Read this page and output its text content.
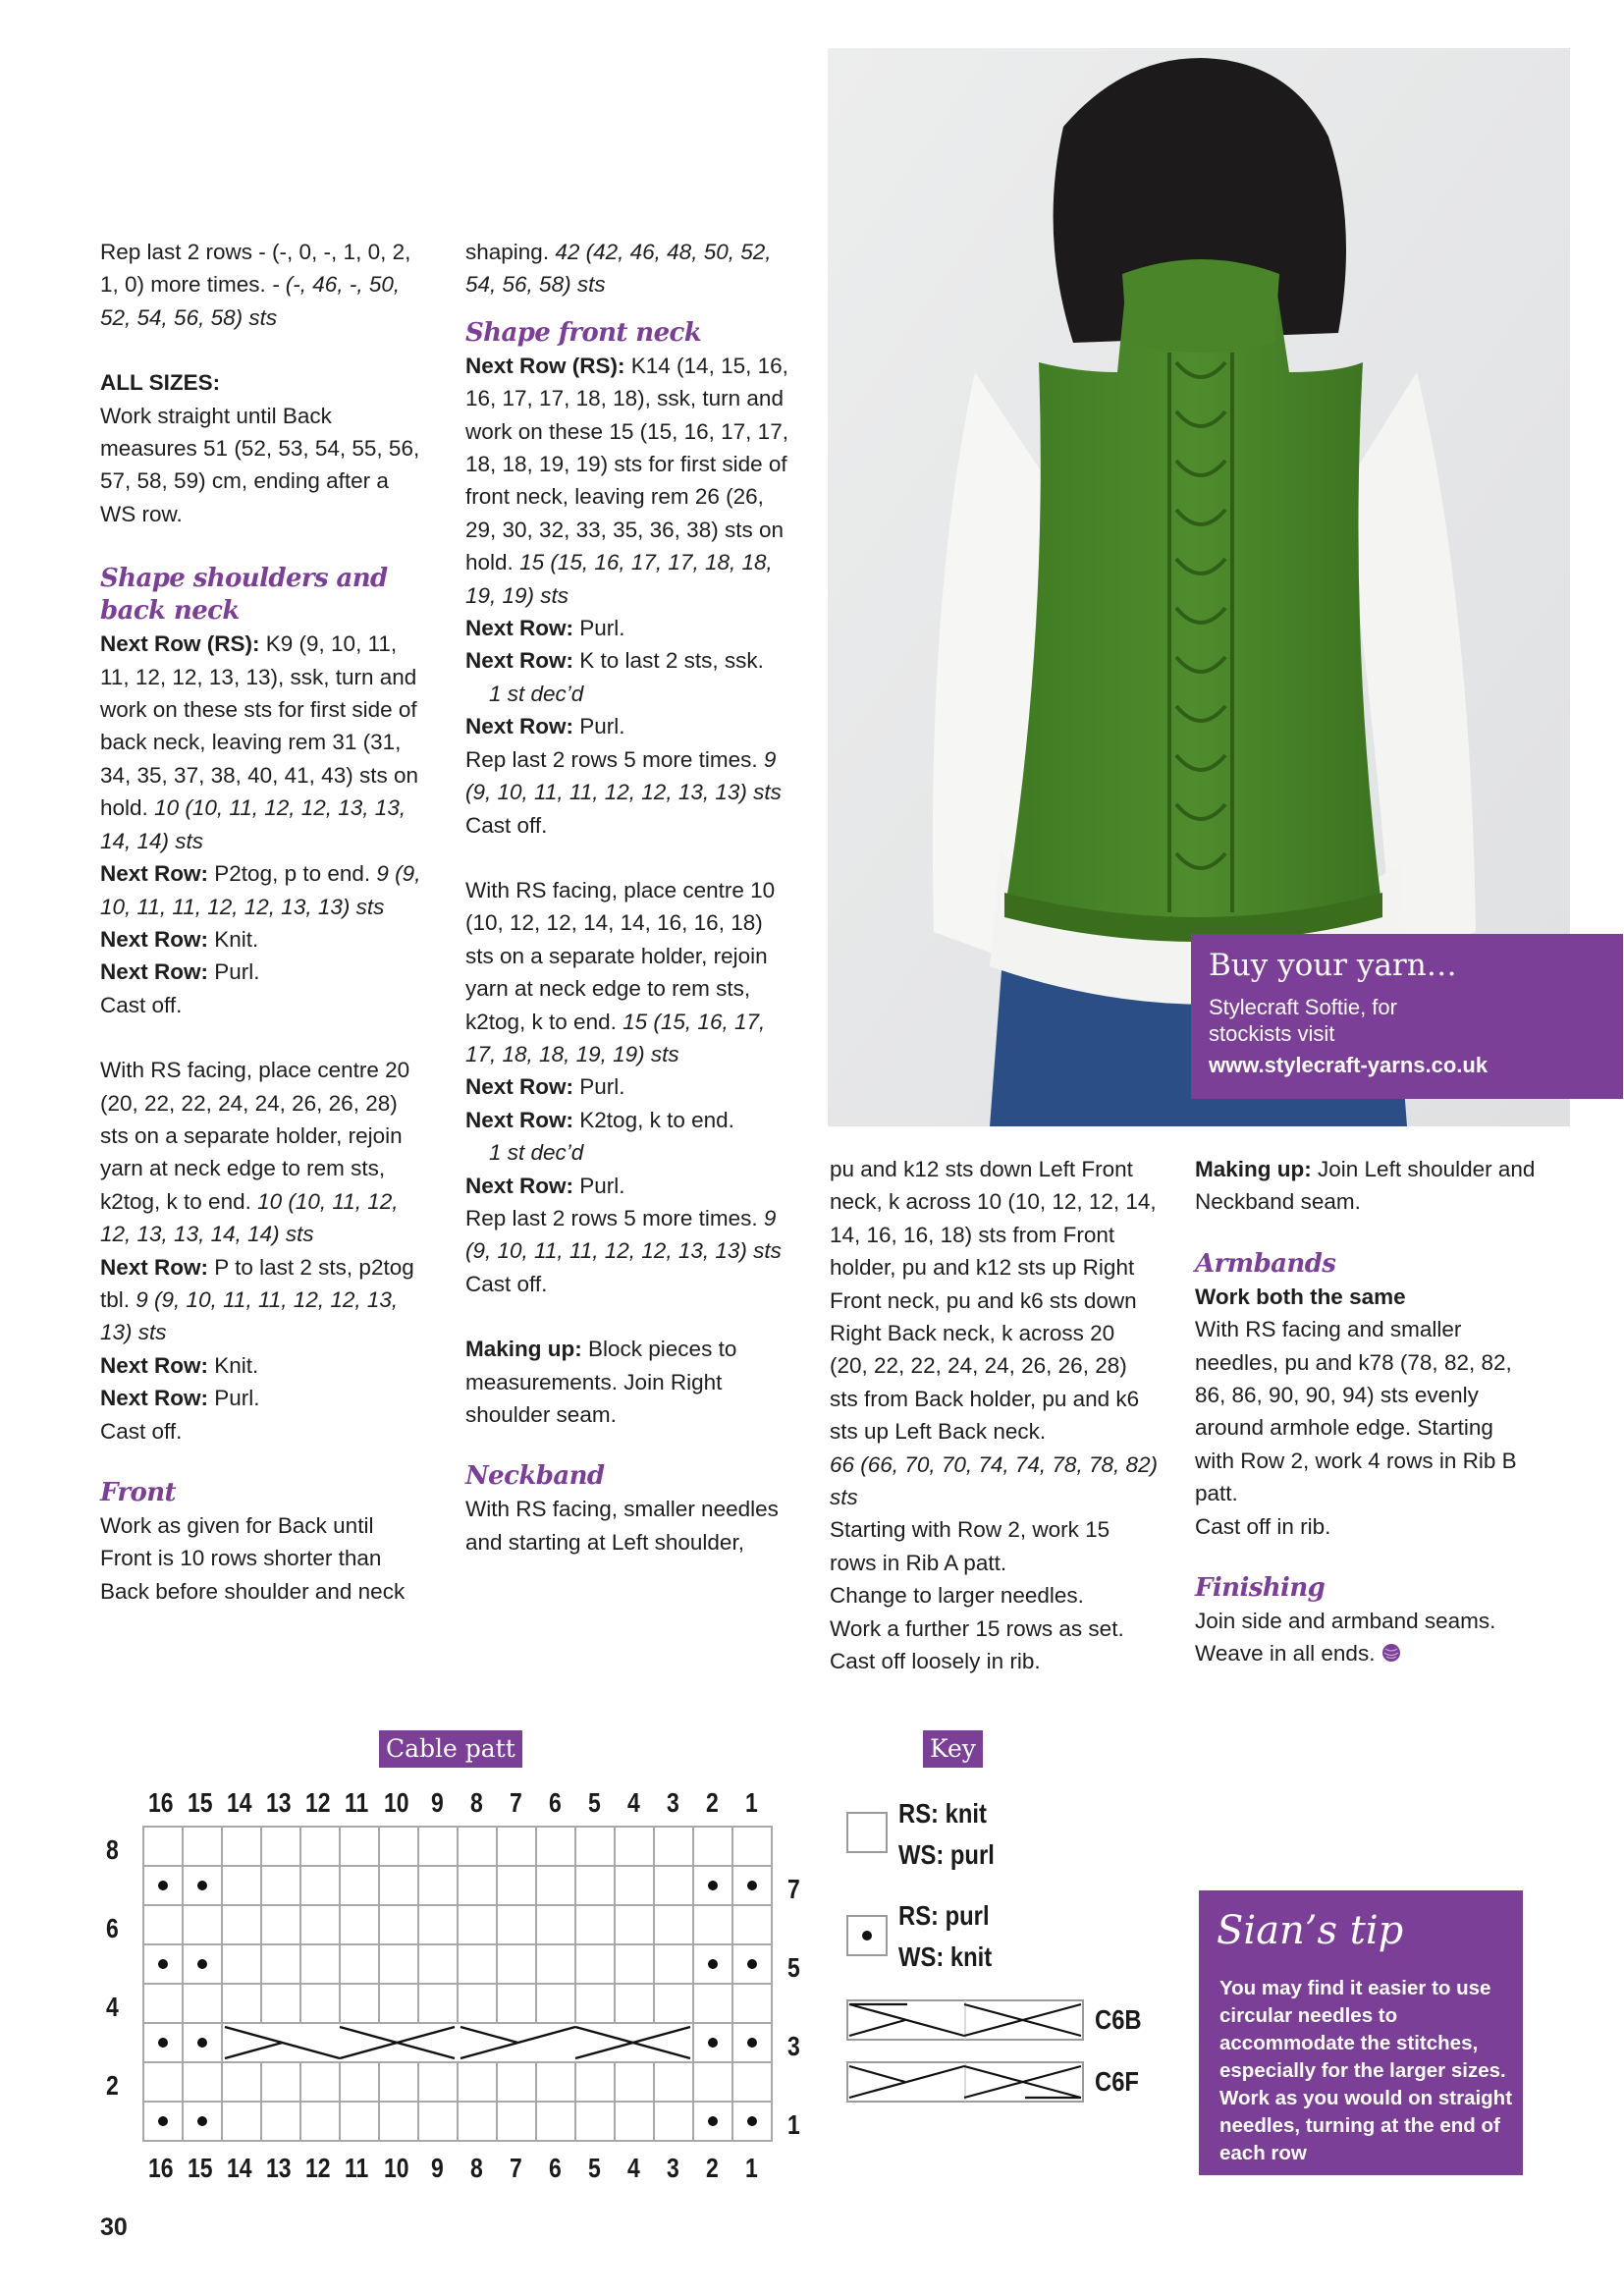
Rep last 2 rows - (-, 0, -, 1, 0, 2, 1, 0) more times. - (-, 46, -, 50, 52, 54, 56, 58) sts

ALL SIZES:

Work straight until Back measures 51 (52, 53, 54, 55, 56, 57, 58, 59) cm, ending after a WS row.

Shape shoulders and
back neck

Next Row (RS): K9 (9, 10, 11, 11, 12, 12, 13, 13), ssk, turn and work on these sts for first side of back neck, leaving rem 31 (31, 34, 35, 37, 38, 40, 41, 43) sts on hold. 10 (10, 11, 12, 12, 13, 13, 14, 14) sts

Next Row: P2tog, p to end. 9 (9, 10, 11, 11, 12, 12, 13, 13) sts

Next Row: Knit.

Next Row: Purl.

Cast off.

With RS facing, place centre 20 (20, 22, 22, 24, 24, 26, 26, 28) sts on a separate holder, rejoin yarn at neck edge to rem sts, k2tog, k to end. 10 (10, 11, 12, 12, 13, 13, 14, 14) sts

Next Row: P to last 2 sts, p2tog tbl. 9 (9, 10, 11, 11, 12, 12, 13, 13) sts

Next Row: Knit.

Next Row: Purl.

Cast off.

Front

Work as given for Back until Front is 10 rows shorter than Back before shoulder and neck

shaping. 42 (42, 46, 48, 50, 52, 54, 56, 58) sts

Shape front neck

Next Row (RS): K14 (14, 15, 16, 16, 17, 17, 18, 18), ssk, turn and work on these 15 (15, 16, 17, 17, 18, 18, 19, 19) sts for first side of front neck, leaving rem 26 (26, 29, 30, 32, 33, 35, 36, 38) sts on hold. 15 (15, 16, 17, 17, 18, 18, 19, 19) sts

Next Row: Purl.

Next Row: K to last 2 sts, ssk.
1 st dec’d

Next Row: Purl.

Rep last 2 rows 5 more times. 9 (9, 10, 11, 11, 12, 12, 13, 13) sts

Cast off.

With RS facing, place centre 10 (10, 12, 12, 14, 14, 16, 16, 18) sts on a separate holder, rejoin yarn at neck edge to rem sts, k2tog, k to end. 15 (15, 16, 17, 17, 18, 18, 19, 19) sts

Next Row: Purl.

Next Row: K2tog, k to end.
1 st dec’d

Next Row: Purl.

Rep last 2 rows 5 more times. 9 (9, 10, 11, 11, 12, 12, 13, 13) sts

Cast off.

Making up: Block pieces to measurements. Join Right shoulder seam.

Neckband

With RS facing, smaller needles and starting at Left shoulder,

pu and k12 sts down Left Front neck, k across 10 (10, 12, 12, 14, 14, 16, 16, 18) sts from Front holder, pu and k12 sts up Right Front neck, pu and k6 sts down Right Back neck, k across 20 (20, 22, 22, 24, 24, 26, 26, 28) sts from Back holder, pu and k6 sts up Left Back neck.

66 (66, 70, 70, 74, 74, 78, 78, 82) sts

Starting with Row 2, work 15 rows in Rib A patt.

Change to larger needles.

Work a further 15 rows as set.

Cast off loosely in rib.

Making up: Join Left shoulder and Neckband seam.

Armbands

Work both the same

With RS facing and smaller needles, pu and k78 (78, 82, 82, 86, 86, 90, 90, 94) sts evenly around armhole edge. Starting with Row 2, work 4 rows in Rib B patt.

Cast off in rib.

Finishing

Join side and armband seams. Weave in all ends.

Buy your yarn…
Stylecraft Softie, for
stockists visit
www.stylecraft-yarns.co.uk
Cable patt
16 15 14 13 12 11 10 9 8 7 6 5 4 3 2 1
16 15 14 13 12 11 10 9 8 7 6 5 4 3 2 1
8
6
4
2
7
5
3
1
Key
RS: knit
WS: purl
RS: purl
WS: knit
C6B
C6F
Sian’s tip
You may find it easier to use circular needles to accommodate the stitches, especially for the larger sizes. Work as you would on straight needles, turning at the end of each row
30
